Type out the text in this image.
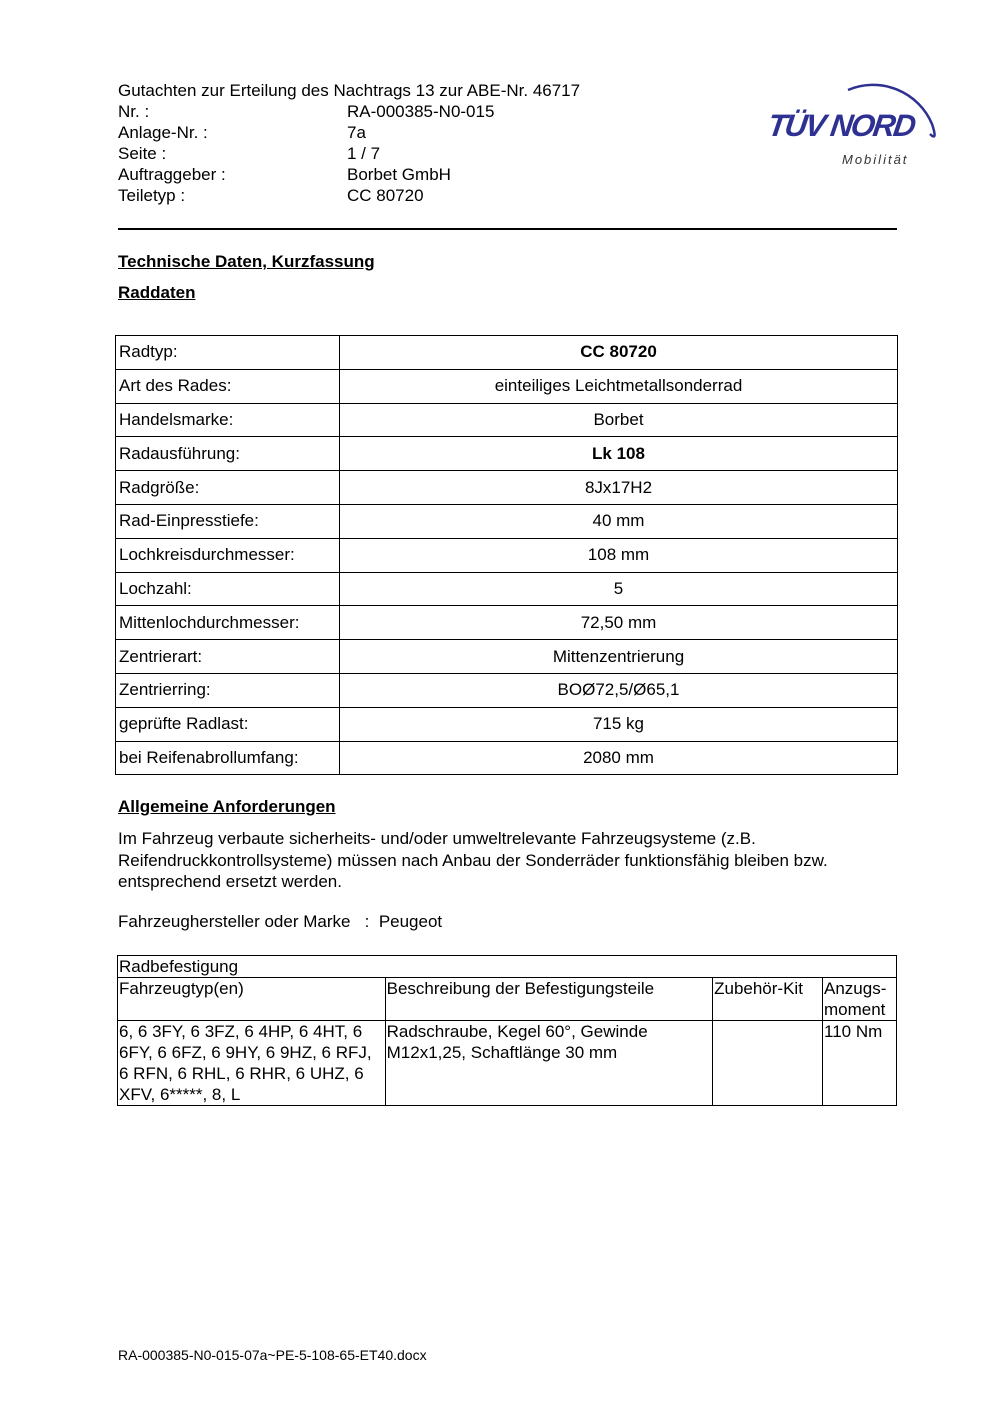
Gutachten zur Erteilung des Nachtrags 13 zur ABE-Nr. 46717
Nr. :	RA-000385-N0-015
Anlage-Nr. :	7a
Seite :	1 / 7
Auftraggeber :	Borbet GmbH
Teiletyp :	CC 80720
TÜV NORD
Mobilität
Technische Daten, Kurzfassung
Raddaten
Radtyp:	CC 80720
Art des Rades:	einteiliges Leichtmetallsonderrad
Handelsmarke:	Borbet
Radausführung:	Lk 108
Radgröße:	8Jx17H2
Rad-Einpresstiefe:	40 mm
Lochkreisdurchmesser:	108 mm
Lochzahl:	5
Mittenlochdurchmesser:	72,50 mm
Zentrierart:	Mittenzentrierung
Zentrierring:	BOØ72,5/Ø65,1
geprüfte Radlast:	715 kg
bei Reifenabrollumfang:	2080 mm
Allgemeine Anforderungen
Im Fahrzeug verbaute sicherheits- und/oder umweltrelevante Fahrzeugsysteme (z.B. Reifendruckkontrollsysteme) müssen nach Anbau der Sonderräder funktionsfähig bleiben bzw. entsprechend ersetzt werden.
Fahrzeughersteller oder Marke : Peugeot
Radbefestigung			
Fahrzeugtyp(en)	Beschreibung der Befestigungsteile	Zubehör-Kit	Anzugs-moment
6, 6 3FY, 6 3FZ, 6 4HP, 6 4HT, 6 6FY, 6 6FZ, 6 9HY, 6 9HZ, 6 RFJ, 6 RFN, 6 RHL, 6 RHR, 6 UHZ, 6 XFV, 6*****, 8, L	Radschraube, Kegel 60°, Gewinde M12x1,25, Schaftlänge 30 mm		110 Nm
RA-000385-N0-015-07a~PE-5-108-65-ET40.docx
